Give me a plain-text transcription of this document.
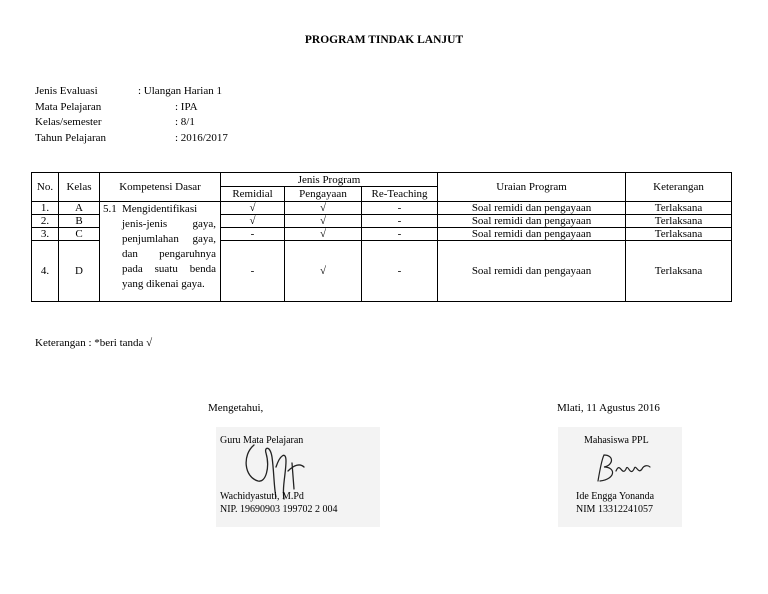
PROGRAM TINDAK LANJUT
Jenis Evaluasi	: Ulangan Harian 1
Mata Pelajaran	: IPA
Kelas/semester	: 8/1
Tahun Pelajaran	: 2016/2017
No.	Kelas	Kompetensi Dasar	Jenis Program			Uraian Program	Keterangan
			Remidial	Pengayaan	Re-Teaching		
1.	A	5.1 Mengidentifikasi jenis-jenis gaya, penjumlahan gaya, dan pengaruhnya pada suatu benda yang dikenai gaya.	√	√	-	Soal remidi dan pengayaan	Terlaksana
2.	B		√	√	-	Soal remidi dan pengayaan	Terlaksana
3.	C		-	√	-	Soal remidi dan pengayaan	Terlaksana
4.	D		-	√	-	Soal remidi dan pengayaan	Terlaksana
Keterangan : *beri tanda √
Mengetahui,	Mlati, 11 Agustus 2016
Guru Mata Pelajaran
Wachidyastuti, M.Pd
NIP. 19690903 199702 2 004
Mahasiswa PPL
Ide Engga Yonanda
NIM 13312241057
